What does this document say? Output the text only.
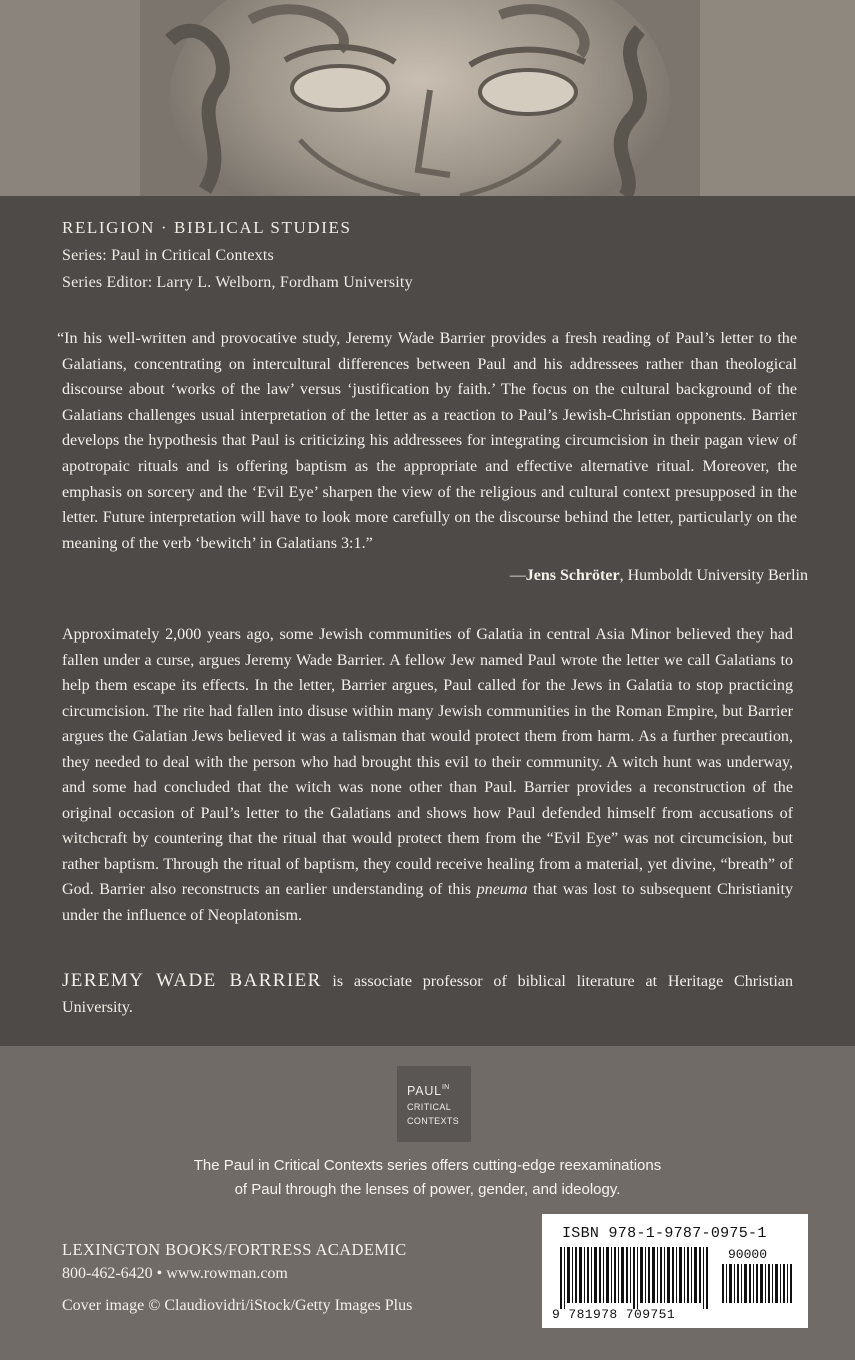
RELIGION · BIBLICAL STUDIES
Series: Paul in Critical Contexts
Series Editor: Larry L. Welborn, Fordham University
“In his well-written and provocative study, Jeremy Wade Barrier provides a fresh reading of Paul’s letter to the Galatians, concentrating on intercultural differences between Paul and his addressees rather than theological discourse about ‘works of the law’ versus ‘justification by faith.’ The focus on the cultural background of the Galatians challenges usual interpretation of the letter as a reaction to Paul’s Jewish-Christian opponents. Barrier develops the hypothesis that Paul is criticizing his addressees for integrating circumcision in their pagan view of apotropaic rituals and is offering baptism as the appropriate and effective alternative ritual. Moreover, the emphasis on sorcery and the ‘Evil Eye’ sharpen the view of the religious and cultural context presupposed in the letter. Future interpretation will have to look more carefully on the discourse behind the letter, particularly on the meaning of the verb ‘bewitch’ in Galatians 3:1.”
—Jens Schröter, Humboldt University Berlin
Approximately 2,000 years ago, some Jewish communities of Galatia in central Asia Minor believed they had fallen under a curse, argues Jeremy Wade Barrier. A fellow Jew named Paul wrote the letter we call Galatians to help them escape its effects. In the letter, Barrier argues, Paul called for the Jews in Galatia to stop practicing circumcision. The rite had fallen into disuse within many Jewish communities in the Roman Empire, but Barrier argues the Galatian Jews believed it was a talisman that would protect them from harm. As a further precaution, they needed to deal with the person who had brought this evil to their community. A witch hunt was underway, and some had concluded that the witch was none other than Paul. Barrier provides a reconstruction of the original occasion of Paul’s letter to the Galatians and shows how Paul defended himself from accusations of witchcraft by countering that the ritual that would protect them from the “Evil Eye” was not circumcision, but rather baptism. Through the ritual of baptism, they could receive healing from a material, yet divine, “breath” of God. Barrier also reconstructs an earlier understanding of this pneuma that was lost to subsequent Christianity under the influence of Neoplatonism.
JEREMY WADE BARRIER is associate professor of biblical literature at Heritage Christian University.
$PAUL^{IN}$
CRITICAL
CONTEXTS
The Paul in Critical Contexts series offers cutting-edge reexaminations
of Paul through the lenses of power, gender, and ideology.
LEXINGTON BOOKS/FORTRESS ACADEMIC
800-462-6420 • www.rowman.com
Cover image © Claudiovidri/iStock/Getty Images Plus
ISBN 978-1-9787-0975-1
90000
9 781978 709751
